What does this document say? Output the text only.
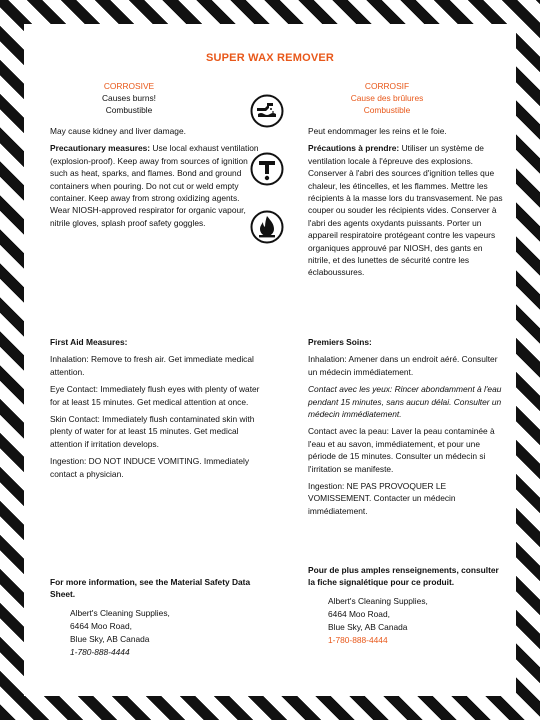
SUPER WAX REMOVER
CORROSIVE
Causes burns!
Combustible
CORROSIF
Cause des brûlures
Combustible

May cause kidney and liver damage.

Precautionary measures: Use local exhaust ventilation (explosion-proof). Keep away from sources of ignition such as heat, sparks, and flames. Bond and ground containers when pouring. Do not cut or weld empty container. Keep away from strong oxidizing agents. Wear NIOSH-approved respirator for organic vapour, nitrile gloves, splash proof safety goggles.

Peut endommager les reins et le foie.

Précautions à prendre: Utiliser un système de ventilation locale à l'épreuve des explosions. Conserver à l'abri des sources d'ignition telles que chaleur, les étincelles, et les flammes. Mettre les récipients à la masse lors du transvasement. Ne pas couper ou souder les récipients vides. Conserver à l'abri des agents oxydants puissants. Porter un appareil respiratoire protégeant contre les vapeurs organiques approuvé par NIOSH, des gants en nitrile, et des lunettes de sécurité contre les éclaboussures.

First Aid Measures:

Inhalation: Remove to fresh air. Get immediate medical attention.

Eye Contact: Immediately flush eyes with plenty of water for at least 15 minutes. Get medical attention at once.

Skin Contact: Immediately flush contaminated skin with plenty of water for at least 15 minutes. Get medical attention if irritation develops.

Ingestion: DO NOT INDUCE VOMITING. Immediately contact a physician.

Premiers Soins:

Inhalation: Amener dans un endroit aéré. Consulter un médecin immédiatement.

Contact avec les yeux: Rincer abondamment à l'eau pendant 15 minutes, sans aucun délai. Consulter un médecin immédiatement.

Contact avec la peau: Laver la peau contaminée à l'eau et au savon, immédiatement, et pour une période de 15 minutes. Consulter un médecin si l'irritation se manifeste.

Ingestion: NE PAS PROVOQUER LE VOMISSEMENT. Contacter un médecin immédiatement.

For more information, see the Material Safety Data Sheet.
Albert's Cleaning Supplies,
6464 Moo Road,
Blue Sky, AB Canada
1-780-888-4444
Pour de plus amples renseignements, consulter la fiche signalétique pour ce produit.
Albert's Cleaning Supplies,
6464 Moo Road,
Blue Sky, AB Canada
1-780-888-4444
